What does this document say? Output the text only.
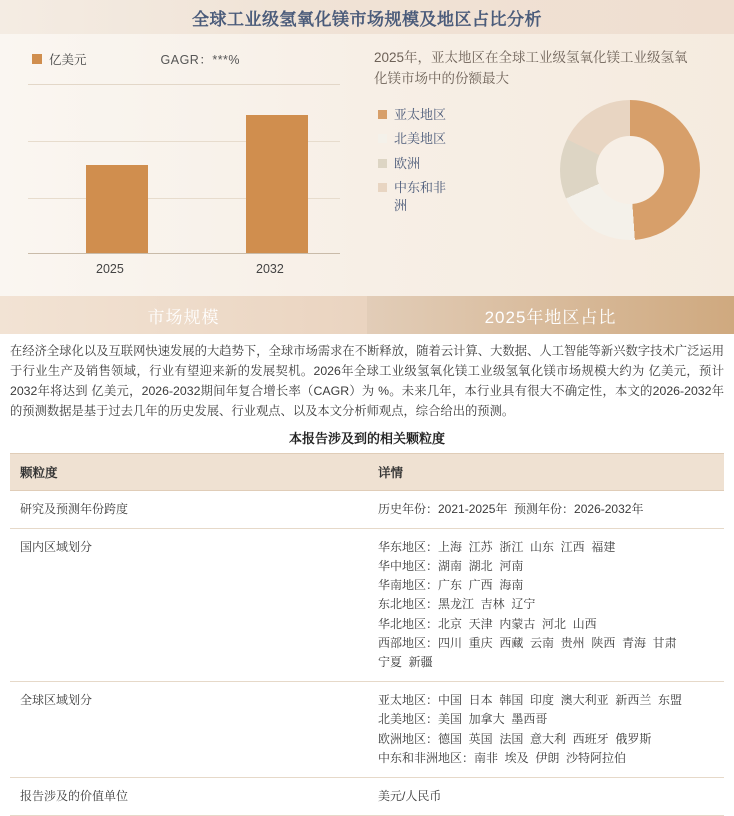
全球工业级氢氧化镁市场规模及地区占比分析
亿美元	GAGR：***%
2025	2032
2025年，亚太地区在全球工业级氢氧化镁工业级氢氧化镁市场中的份额最大
亚太地区
北美地区
欧洲
中东和非洲
市场规模	2025年地区占比
在经济全球化以及互联网快速发展的大趋势下，全球市场需求在不断释放，随着云计算、大数据、人工智能等新兴数字技术广泛运用于行业生产及销售领域，行业有望迎来新的发展契机。2026年全球工业级氢氧化镁工业级氢氧化镁市场规模大约为 亿美元，预计2032年将达到 亿美元，2026-2032期间年复合增长率（CAGR）为 %。未来几年，本行业具有很大不确定性，本文的2026-2032年的预测数据是基于过去几年的历史发展、行业观点、以及本文分析师观点，综合给出的预测。
本报告涉及到的相关颗粒度
颗粒度	详情
研究及预测年份跨度	历史年份：2021-2025年  预测年份：2026-2032年

国内区域划分	华东地区：上海  江苏  浙江  山东  江西  福建
华中地区：湖南  湖北  河南
华南地区：广东  广西  海南
东北地区：黑龙江  吉林  辽宁
华北地区：北京  天津  内蒙古  河北  山西
西部地区：四川  重庆  西藏  云南  贵州  陕西  青海  甘肃
宁夏  新疆

全球区域划分	亚太地区：中国  日本  韩国  印度  澳大利亚  新西兰  东盟
北美地区：美国  加拿大  墨西哥
欧洲地区：德国  英国  法国  意大利  西班牙  俄罗斯
中东和非洲地区：南非  埃及  伊朗  沙特阿拉伯

报告涉及的价值单位	美元/人民币
